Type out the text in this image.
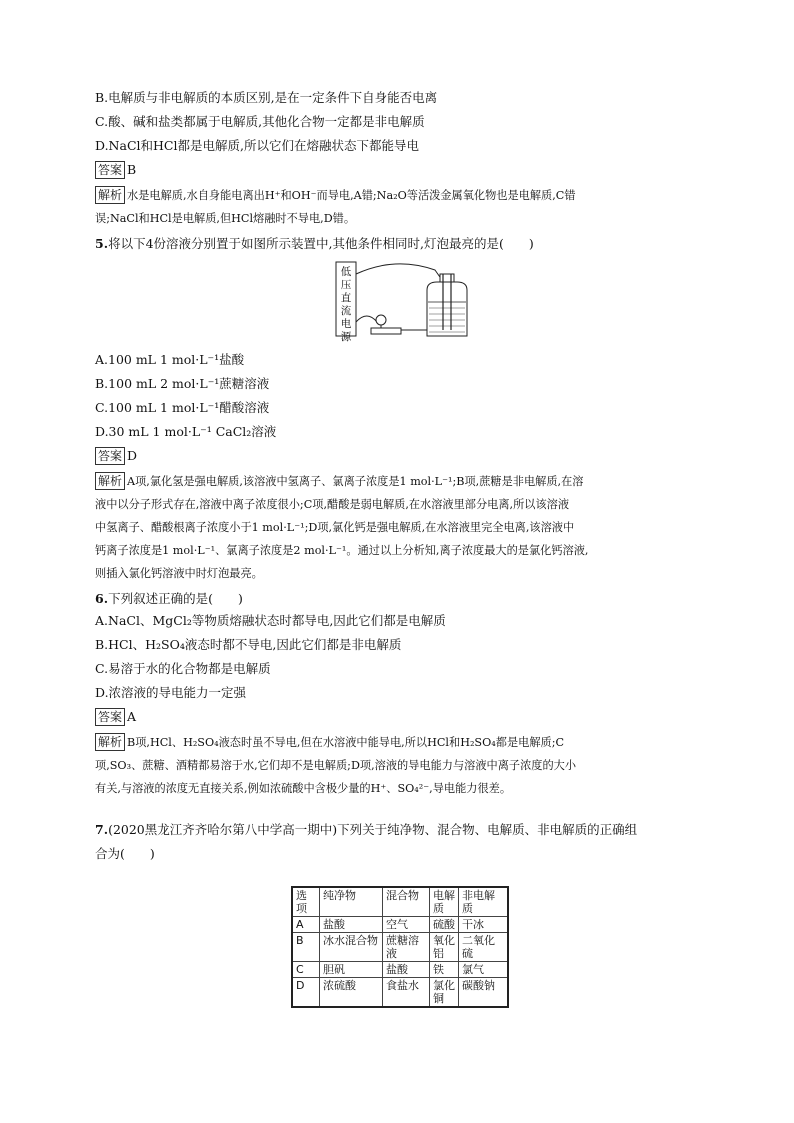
B.电解质与非电解质的本质区别,是在一定条件下自身能否电离
C.酸、碱和盐类都属于电解质,其他化合物一定都是非电解质
D.NaCl和HCl都是电解质,所以它们在熔融状态下都能导电
答案 B
解析 水是电解质,水自身能电离出H⁺和OH⁻而导电,A错;Na₂O等活泼金属氧化物也是电解质,C错
误;NaCl和HCl是电解质,但HCl熔融时不导电,D错。
5.将以下4份溶液分别置于如图所示装置中,其他条件相同时,灯泡最亮的是(　　)
低
压
直
流
电
源
A.100 mL 1 mol·L⁻¹盐酸
B.100 mL 2 mol·L⁻¹蔗糖溶液
C.100 mL 1 mol·L⁻¹醋酸溶液
D.30 mL 1 mol·L⁻¹ CaCl₂溶液
答案 D
解析 A项,氯化氢是强电解质,该溶液中氢离子、氯离子浓度是1 mol·L⁻¹;B项,蔗糖是非电解质,在溶
液中以分子形式存在,溶液中离子浓度很小;C项,醋酸是弱电解质,在水溶液里部分电离,所以该溶液
中氢离子、醋酸根离子浓度小于1 mol·L⁻¹;D项,氯化钙是强电解质,在水溶液里完全电离,该溶液中
钙离子浓度是1 mol·L⁻¹、氯离子浓度是2 mol·L⁻¹。通过以上分析知,离子浓度最大的是氯化钙溶液,
则插入氯化钙溶液中时灯泡最亮。
6.下列叙述正确的是(　　)
A.NaCl、MgCl₂等物质熔融状态时都导电,因此它们都是电解质
B.HCl、H₂SO₄液态时都不导电,因此它们都是非电解质
C.易溶于水的化合物都是电解质
D.浓溶液的导电能力一定强
答案 A
解析 B项,HCl、H₂SO₄液态时虽不导电,但在水溶液中能导电,所以HCl和H₂SO₄都是电解质;C
项,SO₃、蔗糖、酒精都易溶于水,它们却不是电解质;D项,溶液的导电能力与溶液中离子浓度的大小
有关,与溶液的浓度无直接关系,例如浓硫酸中含极少量的H⁺、SO₄²⁻,导电能力很差。
7.(2020黑龙江齐齐哈尔第八中学高一期中)下列关于纯净物、混合物、电解质、非电解质的正确组
合为(　　)
选项	纯净物	混合物	电解质	非电解质
A	盐酸	空气	硫酸	干冰
B	冰水混合物	蔗糖溶液	氧化铝	二氧化硫
C	胆矾	盐酸	铁	氯气
D	浓硫酸	食盐水	氯化铜	碳酸钠
